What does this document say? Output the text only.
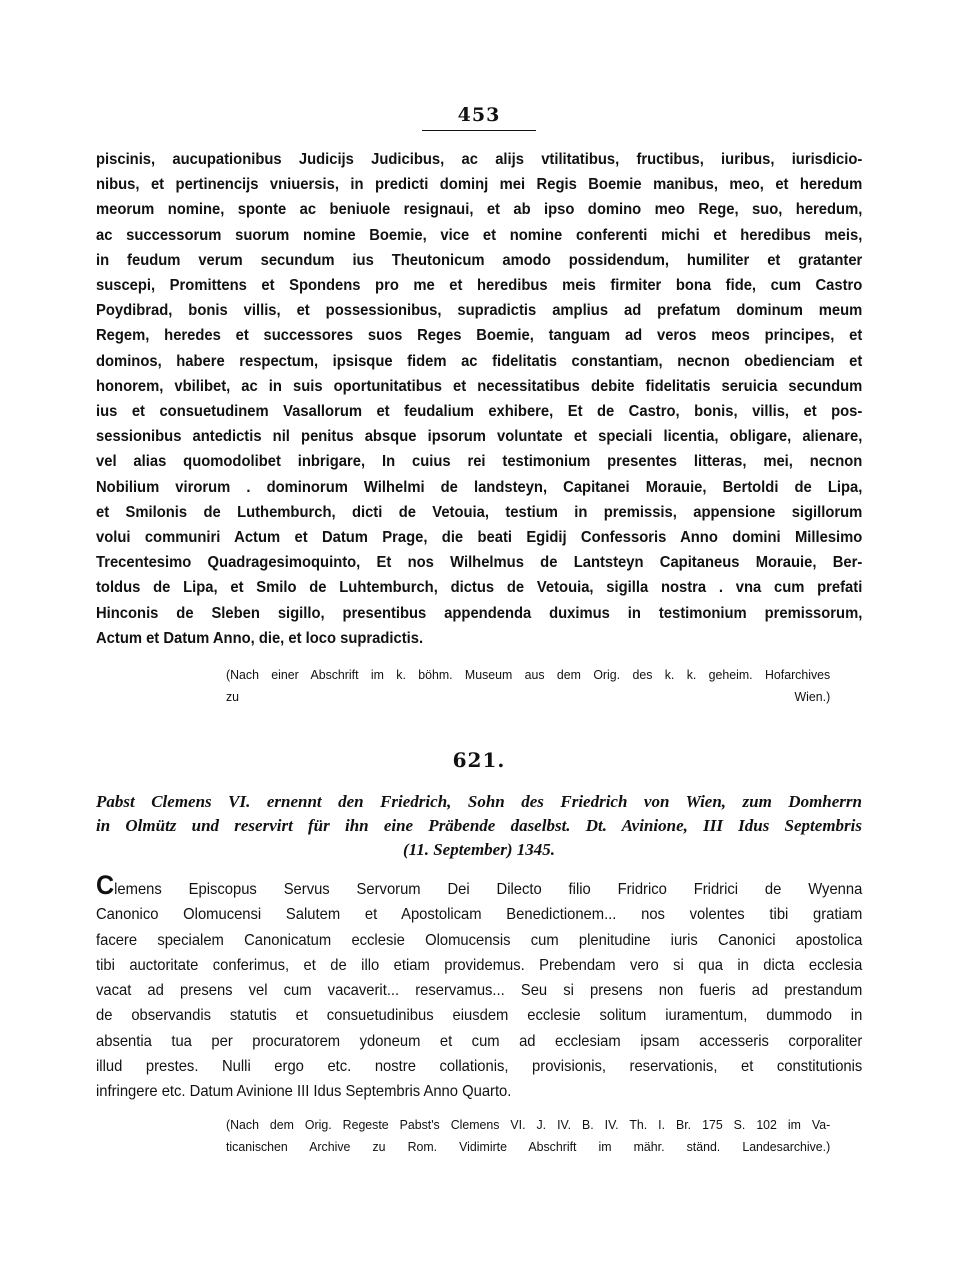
453
piscinis, aucupationibus Judicijs Judicibus, ac alijs vtilitatibus, fructibus, iuribus, iurisdicio-
nibus, et pertinencijs vniuersis, in predicti dominj mei Regis Boemie manibus, meo, et heredum
meorum nomine, sponte ac beniuole resignaui, et ab ipso domino meo Rege, suo, heredum,
ac successorum suorum nomine Boemie, vice et nomine conferenti michi et heredibus meis,
in feudum verum secundum ius Theutonicum amodo possidendum, humiliter et gratanter
suscepi, Promittens et Spondens pro me et heredibus meis firmiter bona fide, cum Castro
Poydibrad, bonis villis, et possessionibus, supradictis amplius ad prefatum dominum meum
Regem, heredes et successores suos Reges Boemie, tanguam ad veros meos principes, et
dominos, habere respectum, ipsisque fidem ac fidelitatis constantiam, necnon obedienciam et
honorem, vbilibet, ac in suis oportunitatibus et necessitatibus debite fidelitatis seruicia secundum
ius et consuetudinem Vasallorum et feudalium exhibere, Et de Castro, bonis, villis, et pos-
sessionibus antedictis nil penitus absque ipsorum voluntate et speciali licentia, obligare, alienare,
vel alias quomodolibet inbrigare, In cuius rei testimonium presentes litteras, mei, necnon
Nobilium virorum . dominorum Wilhelmi de landsteyn, Capitanei Morauie, Bertoldi de Lipa,
et Smilonis de Luthemburch, dicti de Vetouia, testium in premissis, appensione sigillorum
volui communiri Actum et Datum Prage, die beati Egidij Confessoris Anno domini Millesimo
Trecentesimo Quadragesimoquinto, Et nos Wilhelmus de Lantsteyn Capitaneus Morauie, Ber-
toldus de Lipa, et Smilo de Luhtemburch, dictus de Vetouia, sigilla nostra . vna cum prefati
Hinconis de Sleben sigillo, presentibus appendenda duximus in testimonium premissorum,
Actum et Datum Anno, die, et loco supradictis.
(Nach einer Abschrift im k. böhm. Museum aus dem Orig. des k. k. geheim. Hofarchives
zu Wien.)
621.
Pabst Clemens VI. ernennt den Friedrich, Sohn des Friedrich von Wien, zum Domherrn
in Olmütz und reservirt für ihn eine Präbende daselbst. Dt. Avinione, III Idus Septembris
(11. September) 1345.
Clemens Episcopus Servus Servorum Dei Dilecto filio Fridrico Fridrici de Wyenna
Canonico Olomucensi Salutem et Apostolicam Benedictionem... nos volentes tibi gratiam
facere specialem Canonicatum ecclesie Olomucensis cum plenitudine iuris Canonici apostolica
tibi auctoritate conferimus, et de illo etiam providemus. Prebendam vero si qua in dicta ecclesia
vacat ad presens vel cum vacaverit... reservamus... Seu si presens non fueris ad prestandum
de observandis statutis et consuetudinibus eiusdem ecclesie solitum iuramentum, dummodo in
absentia tua per procuratorem ydoneum et cum ad ecclesiam ipsam accesseris corporaliter
illud prestes. Nulli ergo etc. nostre collationis, provisionis, reservationis, et constitutionis
infringere etc. Datum Avinione III Idus Septembris Anno Quarto.
(Nach dem Orig. Regeste Pabst's Clemens VI. J. IV. B. IV. Th. I. Br. 175 S. 102 im Va-
ticanischen Archive zu Rom. Vidimirte Abschrift im mähr. ständ. Landesarchive.)
